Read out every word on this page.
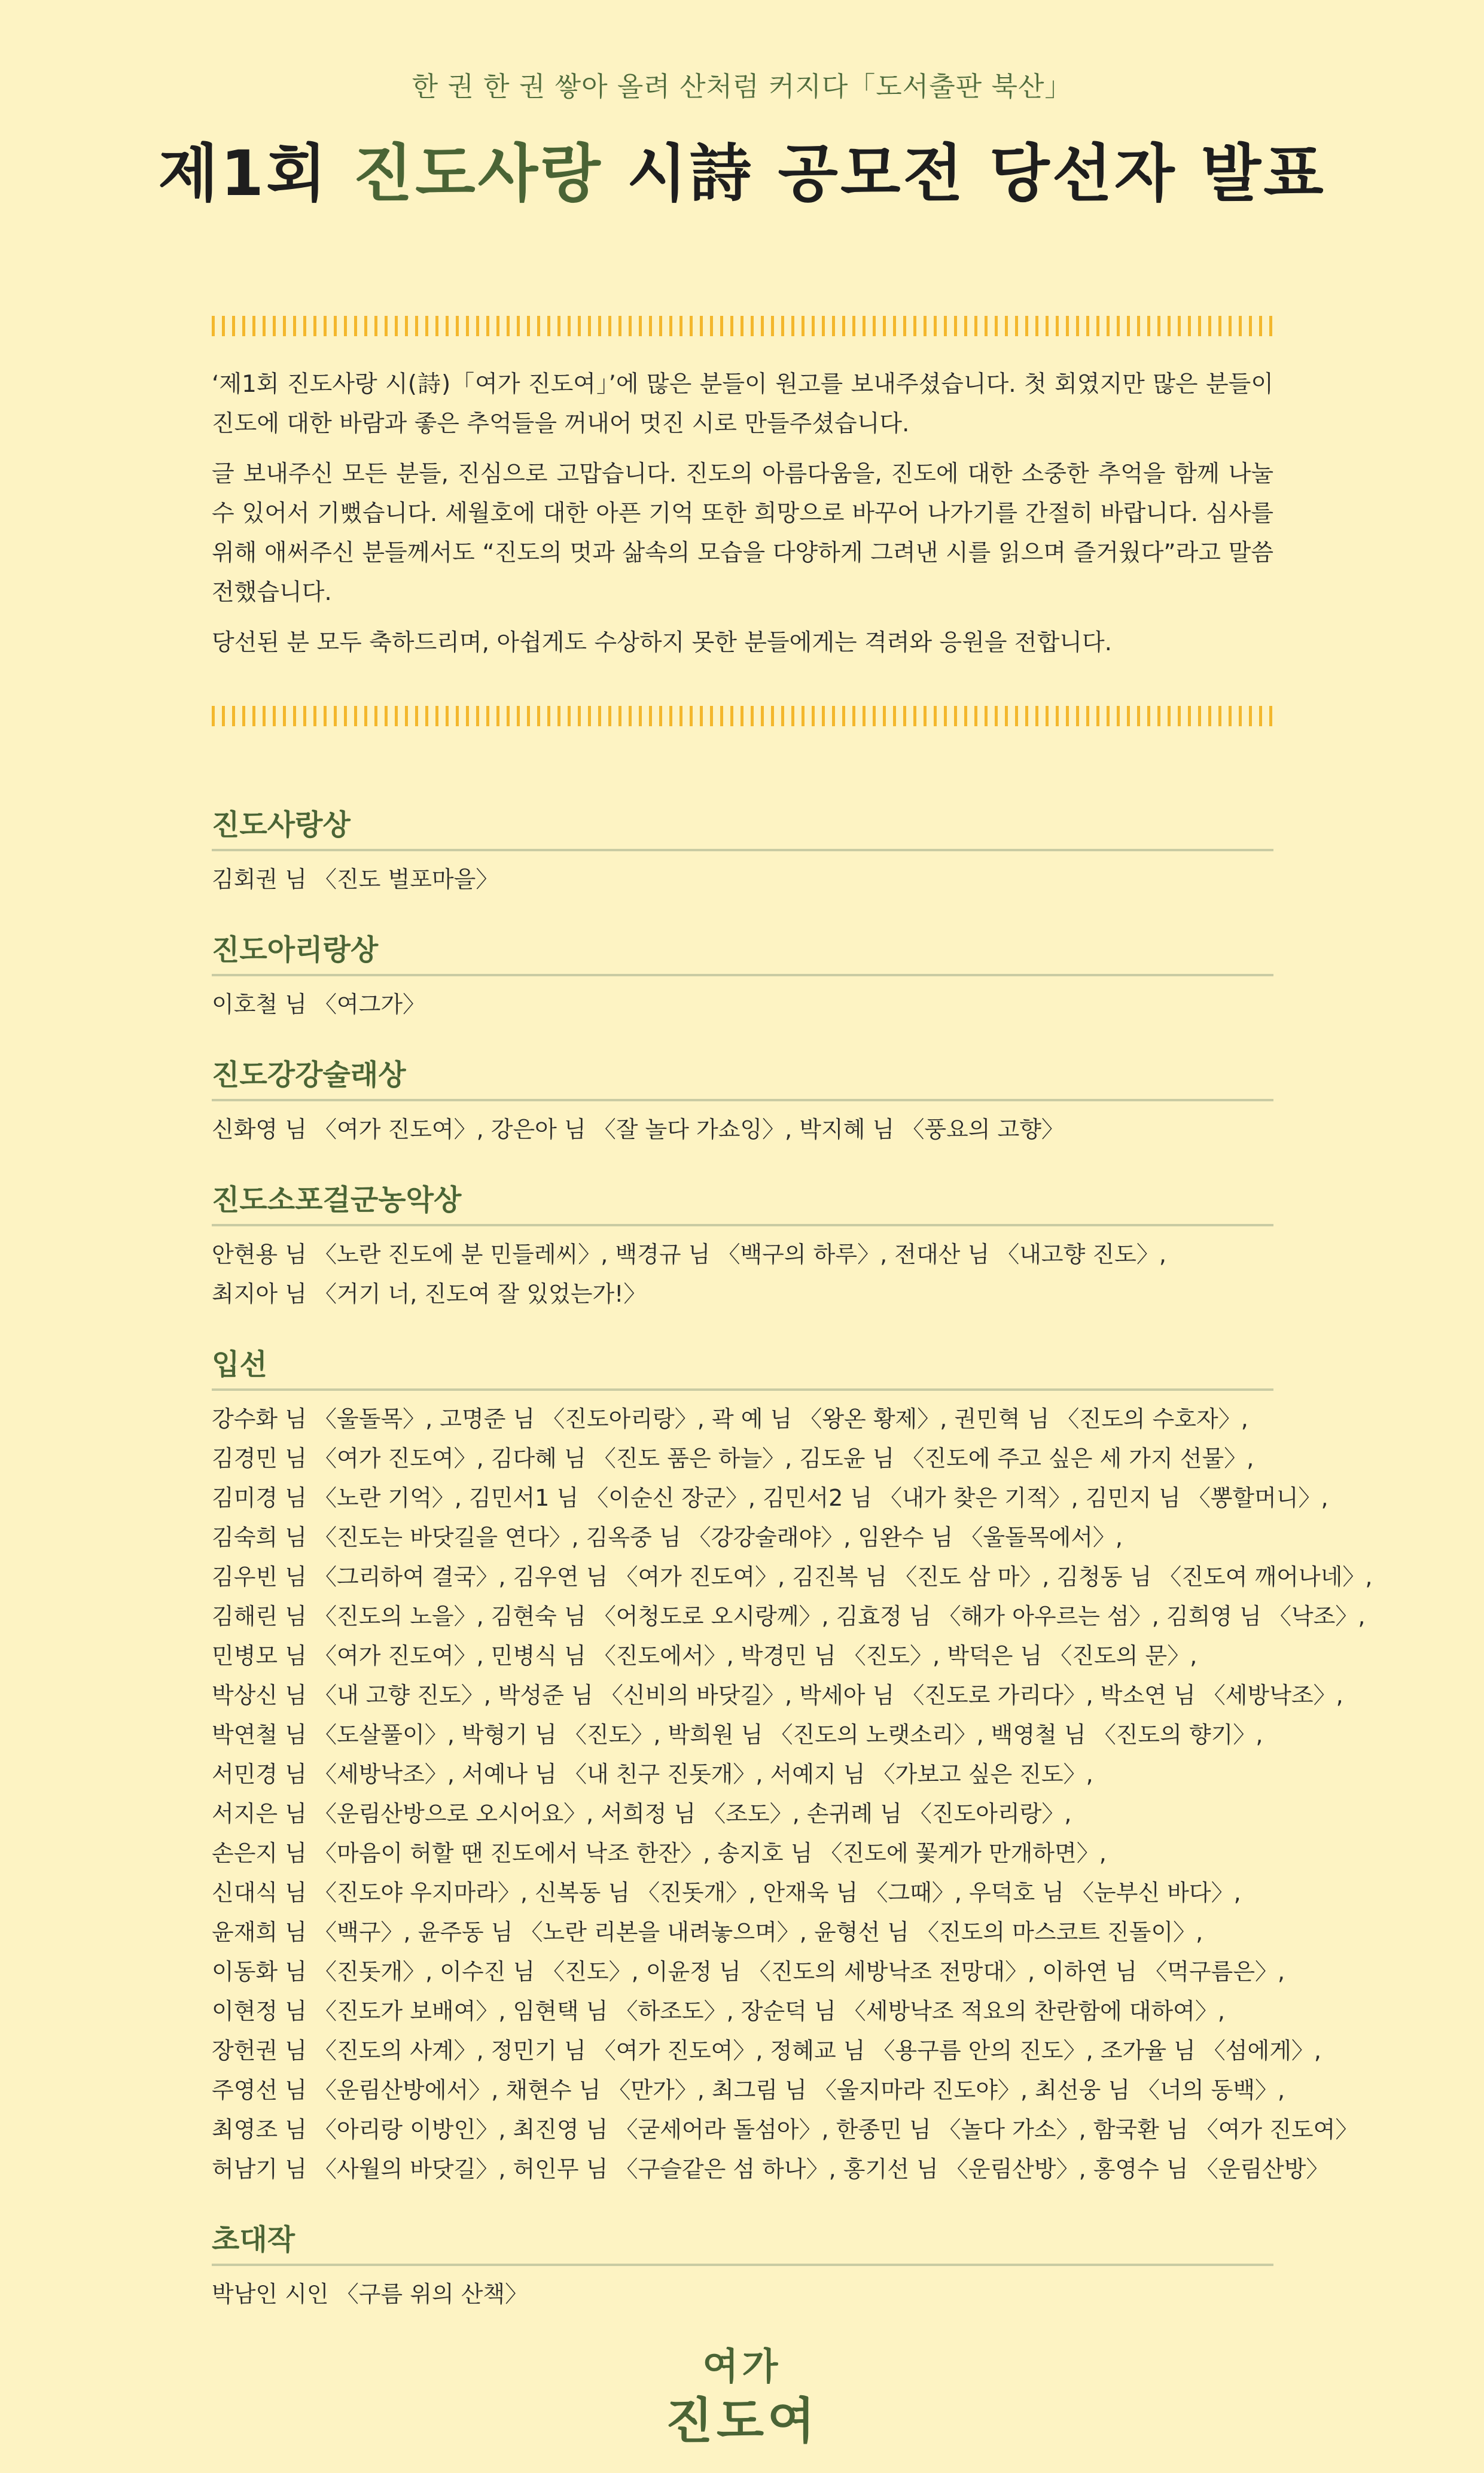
한 권 한 권 쌓아 올려 산처럼 커지다「도서출판 북산」
제1회 진도사랑 시詩 공모전 당선자 발표

‘제1회 진도사랑 시(詩)「여가 진도여」’에 많은 분들이 원고를 보내주셨습니다. 첫 회였지만 많은 분들이 진도에 대한 바람과 좋은 추억들을 꺼내어 멋진 시로 만들주셨습니다.

글 보내주신 모든 분들, 진심으로 고맙습니다. 진도의 아름다움을, 진도에 대한 소중한 추억을 함께 나눌 수 있어서 기뻤습니다. 세월호에 대한 아픈 기억 또한 희망으로 바꾸어 나가기를 간절히 바랍니다. 심사를 위해 애써주신 분들께서도 “진도의 멋과 삶속의 모습을 다양하게 그려낸 시를 읽으며 즐거웠다”라고 말씀 전했습니다.

당선된 분 모두 축하드리며, 아쉽게도 수상하지 못한 분들에게는 격려와 응원을 전합니다.

진도사랑상
김회권 님 〈진도 벌포마을〉
진도아리랑상
이호철 님 〈여그가〉
진도강강술래상
신화영 님 〈여가 진도여〉, 강은아 님 〈잘 놀다 가쇼잉〉, 박지혜 님 〈풍요의 고향〉
진도소포걸군농악상
안현용 님 〈노란 진도에 분 민들레씨〉, 백경규 님 〈백구의 하루〉, 전대산 님 〈내고향 진도〉,
최지아 님 〈거기 너, 진도여 잘 있었는가!〉
입선
강수화 님 〈울돌목〉, 고명준 님 〈진도아리랑〉, 곽 예 님 〈왕온 황제〉, 권민혁 님 〈진도의 수호자〉,
김경민 님 〈여가 진도여〉, 김다혜 님 〈진도 품은 하늘〉, 김도윤 님 〈진도에 주고 싶은 세 가지 선물〉,
김미경 님 〈노란 기억〉, 김민서1 님 〈이순신 장군〉, 김민서2 님 〈내가 찾은 기적〉, 김민지 님 〈뽕할머니〉,
김숙희 님 〈진도는 바닷길을 연다〉, 김옥중 님 〈강강술래야〉, 임완수 님 〈울돌목에서〉,
김우빈 님 〈그리하여 결국〉, 김우연 님 〈여가 진도여〉, 김진복 님 〈진도 삼 마〉, 김청동 님 〈진도여 깨어나네〉,
김해린 님 〈진도의 노을〉, 김현숙 님 〈어청도로 오시랑께〉, 김효정 님 〈해가 아우르는 섬〉, 김희영 님 〈낙조〉,
민병모 님 〈여가 진도여〉, 민병식 님 〈진도에서〉, 박경민 님 〈진도〉, 박덕은 님 〈진도의 문〉,
박상신 님 〈내 고향 진도〉, 박성준 님 〈신비의 바닷길〉, 박세아 님 〈진도로 가리다〉, 박소연 님 〈세방낙조〉,
박연철 님 〈도살풀이〉, 박형기 님 〈진도〉, 박희원 님 〈진도의 노랫소리〉, 백영철 님 〈진도의 향기〉,
서민경 님 〈세방낙조〉, 서예나 님 〈내 친구 진돗개〉, 서예지 님 〈가보고 싶은 진도〉,
서지은 님 〈운림산방으로 오시어요〉, 서희정 님 〈조도〉, 손귀례 님 〈진도아리랑〉,
손은지 님 〈마음이 허할 땐 진도에서 낙조 한잔〉, 송지호 님 〈진도에 꽃게가 만개하면〉,
신대식 님 〈진도야 우지마라〉, 신복동 님 〈진돗개〉, 안재욱 님 〈그때〉, 우덕호 님 〈눈부신 바다〉,
윤재희 님 〈백구〉, 윤주동 님 〈노란 리본을 내려놓으며〉, 윤형선 님 〈진도의 마스코트 진돌이〉,
이동화 님 〈진돗개〉, 이수진 님 〈진도〉, 이윤정 님 〈진도의 세방낙조 전망대〉, 이하연 님 〈먹구름은〉,
이현정 님 〈진도가 보배여〉, 임현택 님 〈하조도〉, 장순덕 님 〈세방낙조 적요의 찬란함에 대하여〉,
장헌권 님 〈진도의 사계〉, 정민기 님 〈여가 진도여〉, 정혜교 님 〈용구름 안의 진도〉, 조가율 님 〈섬에게〉,
주영선 님 〈운림산방에서〉, 채현수 님 〈만가〉, 최그림 님 〈울지마라 진도야〉, 최선웅 님 〈너의 동백〉,
최영조 님 〈아리랑 이방인〉, 최진영 님 〈굳세어라 돌섬아〉, 한종민 님 〈놀다 가소〉, 함국환 님 〈여가 진도여〉
허남기 님 〈사월의 바닷길〉, 허인무 님 〈구슬같은 섬 하나〉, 홍기선 님 〈운림산방〉, 홍영수 님 〈운림산방〉
초대작
박남인 시인 〈구름 위의 산책〉
여가
진도여
